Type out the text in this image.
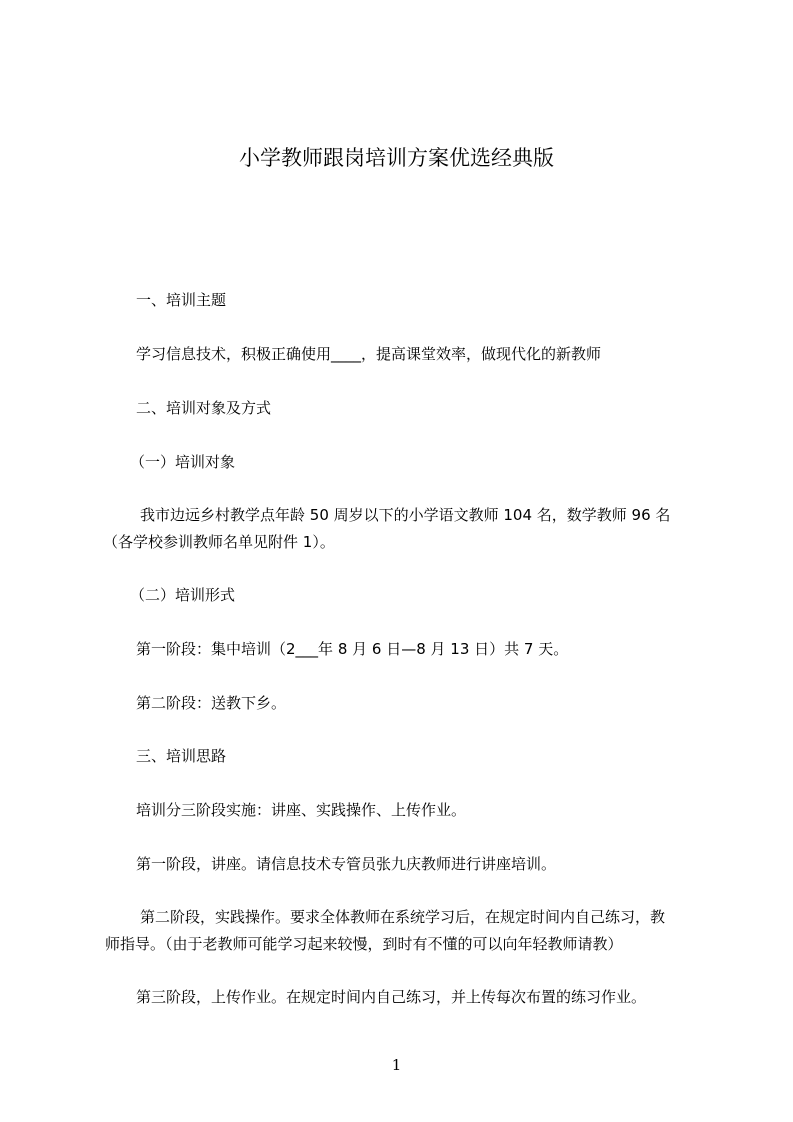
小学教师跟岗培训方案优选经典版
一、培训主题
学习信息技术，积极正确使用____，提高课堂效率，做现代化的新教师
二、培训对象及方式
（一）培训对象
我市边远乡村教学点年龄 50 周岁以下的小学语文教师 104 名，数学教师 96 名
（各学校参训教师名单见附件 1）。
（二）培训形式
第一阶段：集中培训（2___年 8 月 6 日—8 月 13 日）共 7 天。
第二阶段：送教下乡。
三、培训思路
培训分三阶段实施：讲座、实践操作、上传作业。
第一阶段，讲座。请信息技术专管员张九庆教师进行讲座培训。
第二阶段，实践操作。要求全体教师在系统学习后，在规定时间内自己练习，教
师指导。（由于老教师可能学习起来较慢，到时有不懂的可以向年轻教师请教）
第三阶段，上传作业。在规定时间内自己练习，并上传每次布置的练习作业。
1
